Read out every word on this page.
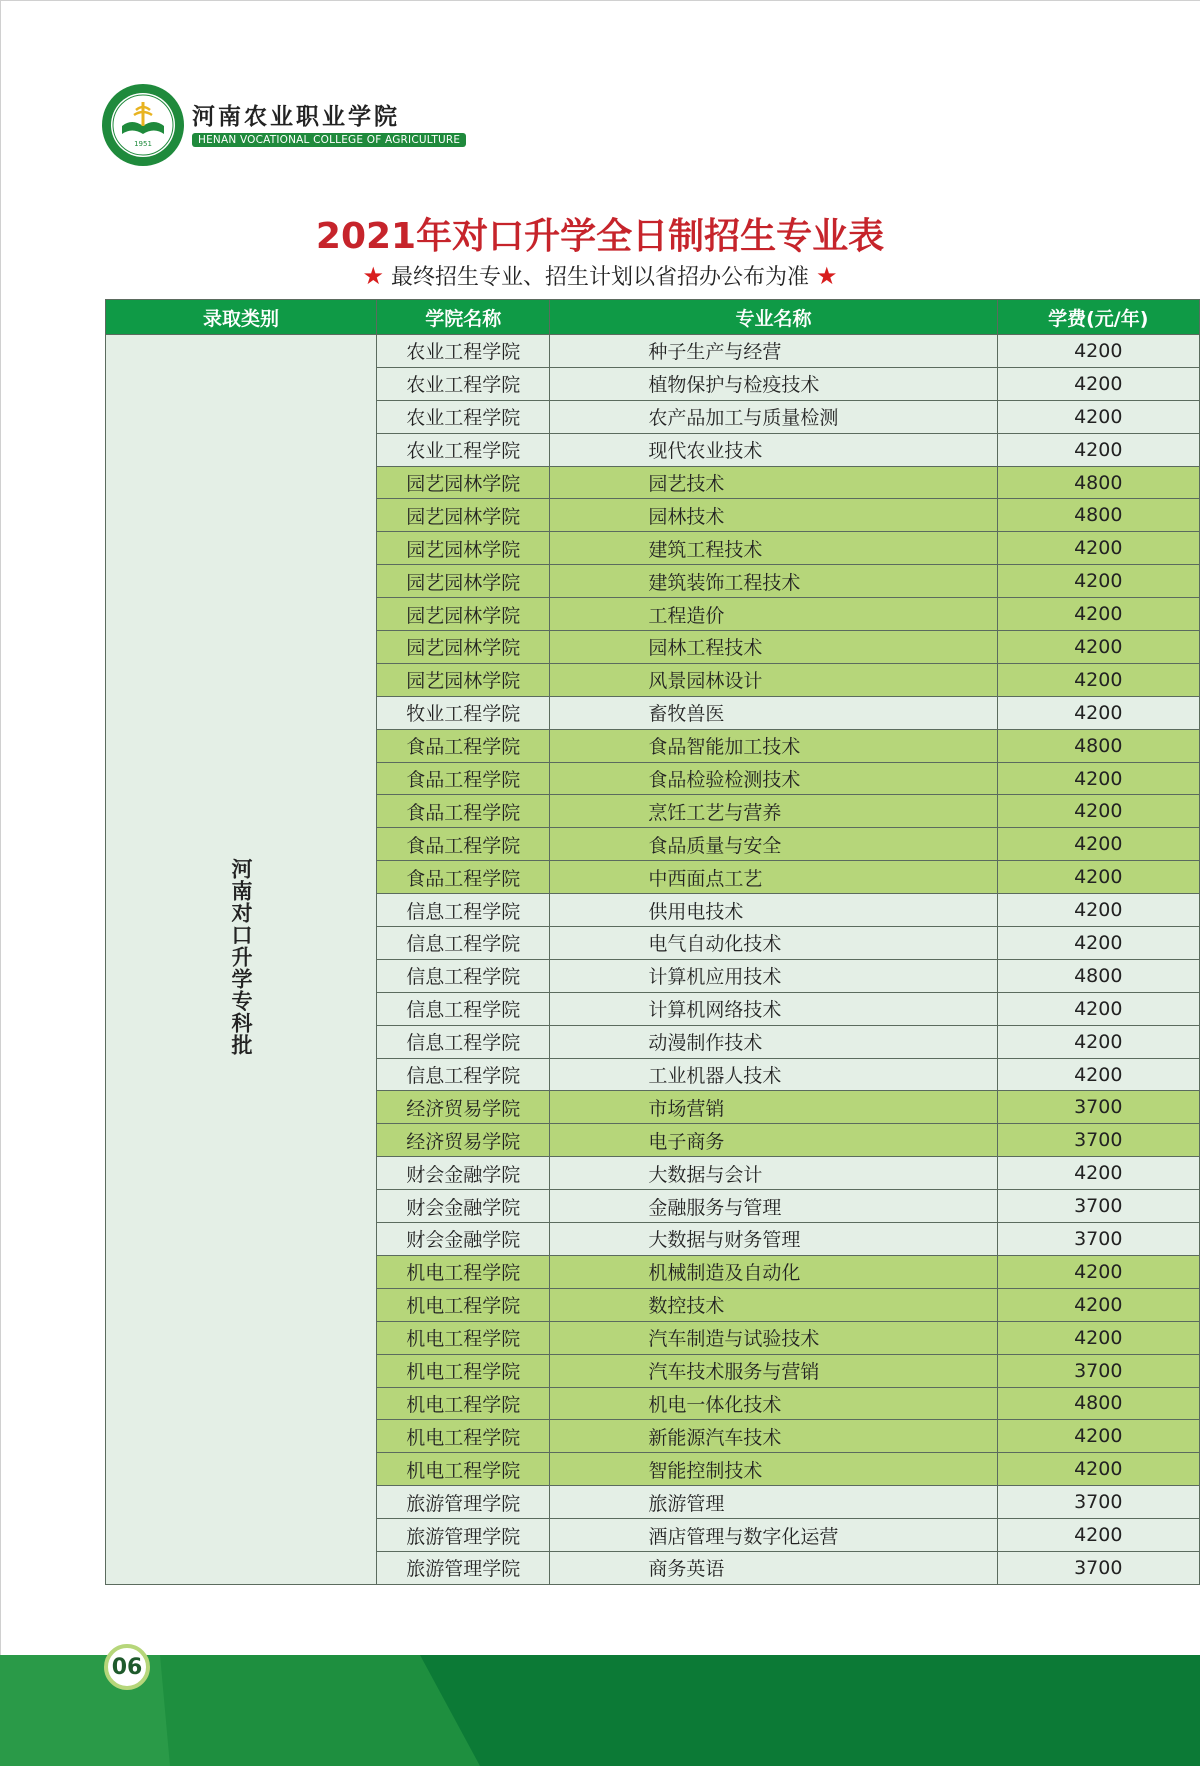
1951
河南农业职业学院
HENAN VOCATIONAL COLLEGE OF AGRICULTURE
2021年对口升学全日制招生专业表
★ 最终招生专业、招生计划以省招办公布为准 ★
录取类别	学院名称	专业名称	学费(元/年)
河南对口升学专科批	农业工程学院	种子生产与经营	4200
	农业工程学院	植物保护与检疫技术	4200
	农业工程学院	农产品加工与质量检测	4200
	农业工程学院	现代农业技术	4200
	园艺园林学院	园艺技术	4800
	园艺园林学院	园林技术	4800
	园艺园林学院	建筑工程技术	4200
	园艺园林学院	建筑装饰工程技术	4200
	园艺园林学院	工程造价	4200
	园艺园林学院	园林工程技术	4200
	园艺园林学院	风景园林设计	4200
	牧业工程学院	畜牧兽医	4200
	食品工程学院	食品智能加工技术	4800
	食品工程学院	食品检验检测技术	4200
	食品工程学院	烹饪工艺与营养	4200
	食品工程学院	食品质量与安全	4200
	食品工程学院	中西面点工艺	4200
	信息工程学院	供用电技术	4200
	信息工程学院	电气自动化技术	4200
	信息工程学院	计算机应用技术	4800
	信息工程学院	计算机网络技术	4200
	信息工程学院	动漫制作技术	4200
	信息工程学院	工业机器人技术	4200
	经济贸易学院	市场营销	3700
	经济贸易学院	电子商务	3700
	财会金融学院	大数据与会计	4200
	财会金融学院	金融服务与管理	3700
	财会金融学院	大数据与财务管理	3700
	机电工程学院	机械制造及自动化	4200
	机电工程学院	数控技术	4200
	机电工程学院	汽车制造与试验技术	4200
	机电工程学院	汽车技术服务与营销	3700
	机电工程学院	机电一体化技术	4800
	机电工程学院	新能源汽车技术	4200
	机电工程学院	智能控制技术	4200
	旅游管理学院	旅游管理	3700
	旅游管理学院	酒店管理与数字化运营	4200
	旅游管理学院	商务英语	3700
06
